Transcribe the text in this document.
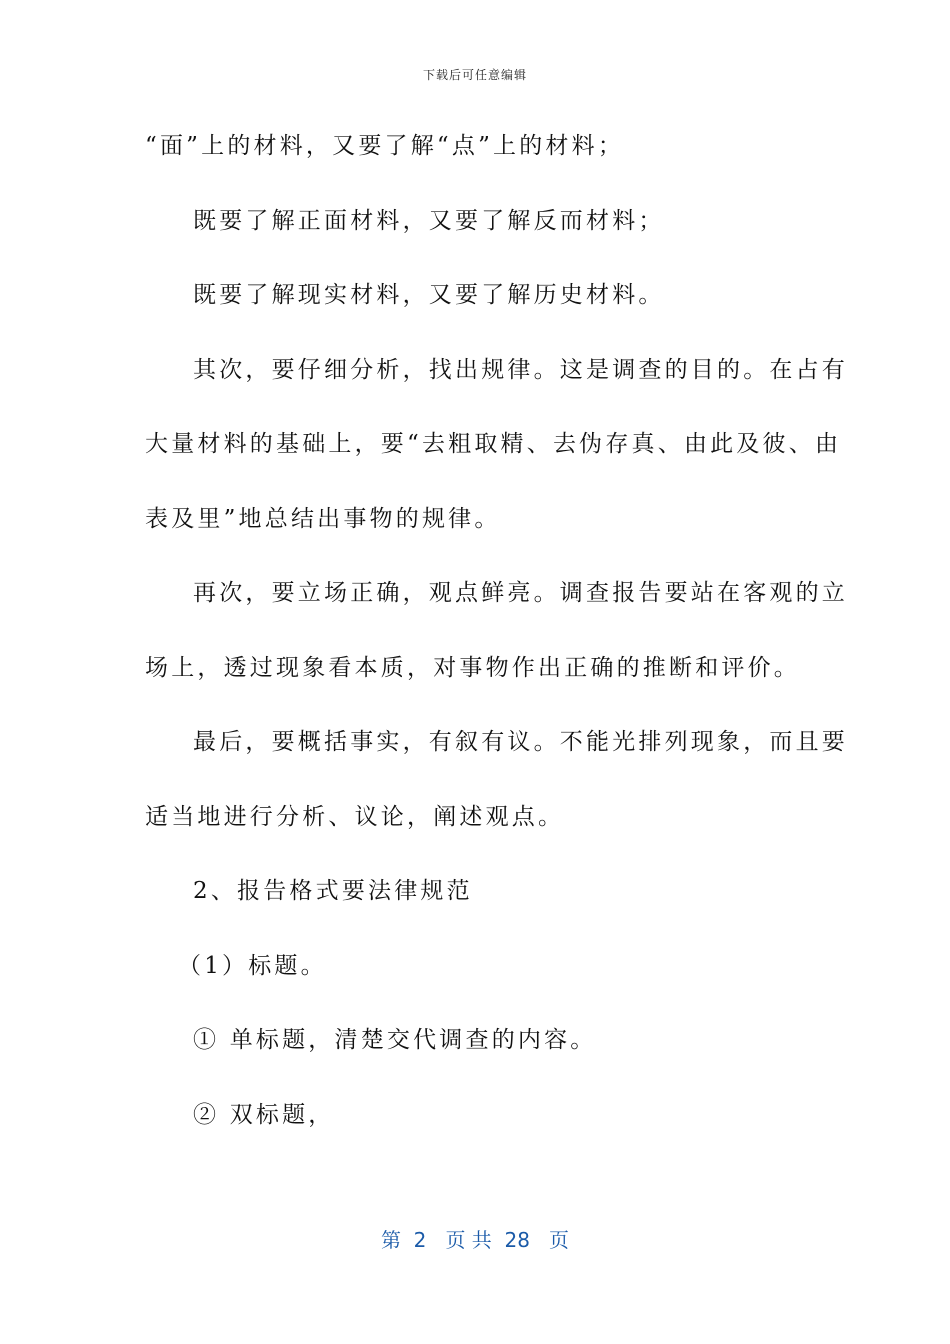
下载后可任意编辑
“面”上的材料，又要了解“点”上的材料；
既要了解正面材料，又要了解反而材料；
既要了解现实材料，又要了解历史材料。
其次，要仔细分析，找出规律。这是调查的目的。在占有
大量材料的基础上，要“去粗取精、去伪存真、由此及彼、由
表及里”地总结出事物的规律。
再次，要立场正确，观点鲜亮。调查报告要站在客观的立
场上，透过现象看本质，对事物作出正确的推断和评价。
最后，要概括事实，有叙有议。不能光排列现象，而且要
适当地进行分析、议论，阐述观点。
2、报告格式要法律规范
（1）标题。
① 单标题，清楚交代调查的内容。
② 双标题，
第  2   页 共  28   页
